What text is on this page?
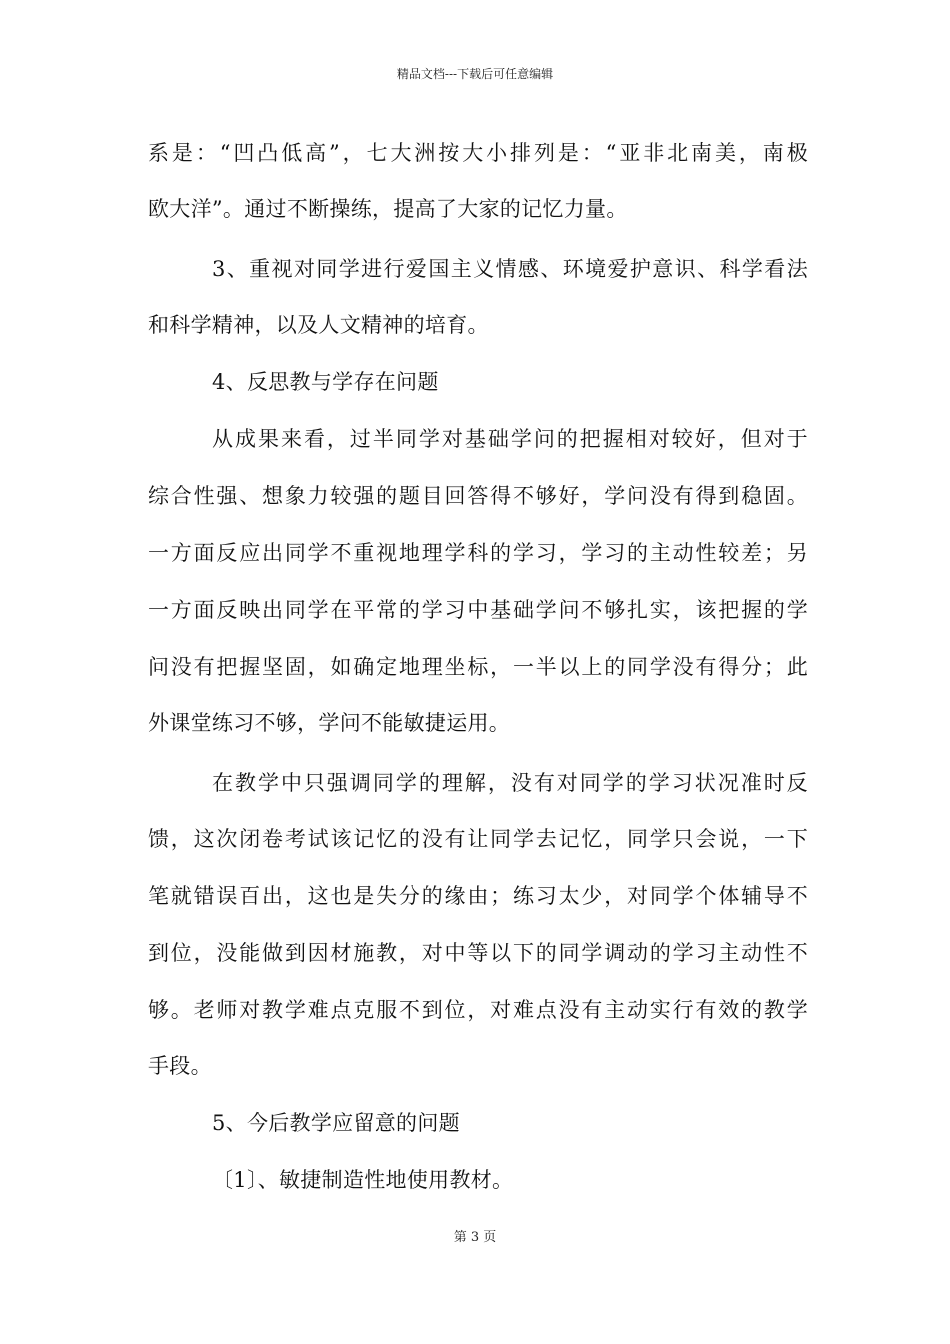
精品文档---下载后可任意编辑
系是：“凹凸低高”，七大洲按大小排列是：“亚非北南美，南极
欧大洋”。通过不断操练，提高了大家的记忆力量。
3、重视对同学进行爱国主义情感、环境爱护意识、科学看法
和科学精神，以及人文精神的培育。
4、反思教与学存在问题
从成果来看，过半同学对基础学问的把握相对较好，但对于
综合性强、想象力较强的题目回答得不够好，学问没有得到稳固。
一方面反应出同学不重视地理学科的学习，学习的主动性较差；另
一方面反映出同学在平常的学习中基础学问不够扎实，该把握的学
问没有把握坚固，如确定地理坐标，一半以上的同学没有得分；此
外课堂练习不够，学问不能敏捷运用。
在教学中只强调同学的理解，没有对同学的学习状况准时反
馈，这次闭卷考试该记忆的没有让同学去记忆，同学只会说，一下
笔就错误百出，这也是失分的缘由；练习太少，对同学个体辅导不
到位，没能做到因材施教，对中等以下的同学调动的学习主动性不
够。老师对教学难点克服不到位，对难点没有主动实行有效的教学
手段。
5、今后教学应留意的问题
〔1〕、敏捷制造性地使用教材。
第 3 页
